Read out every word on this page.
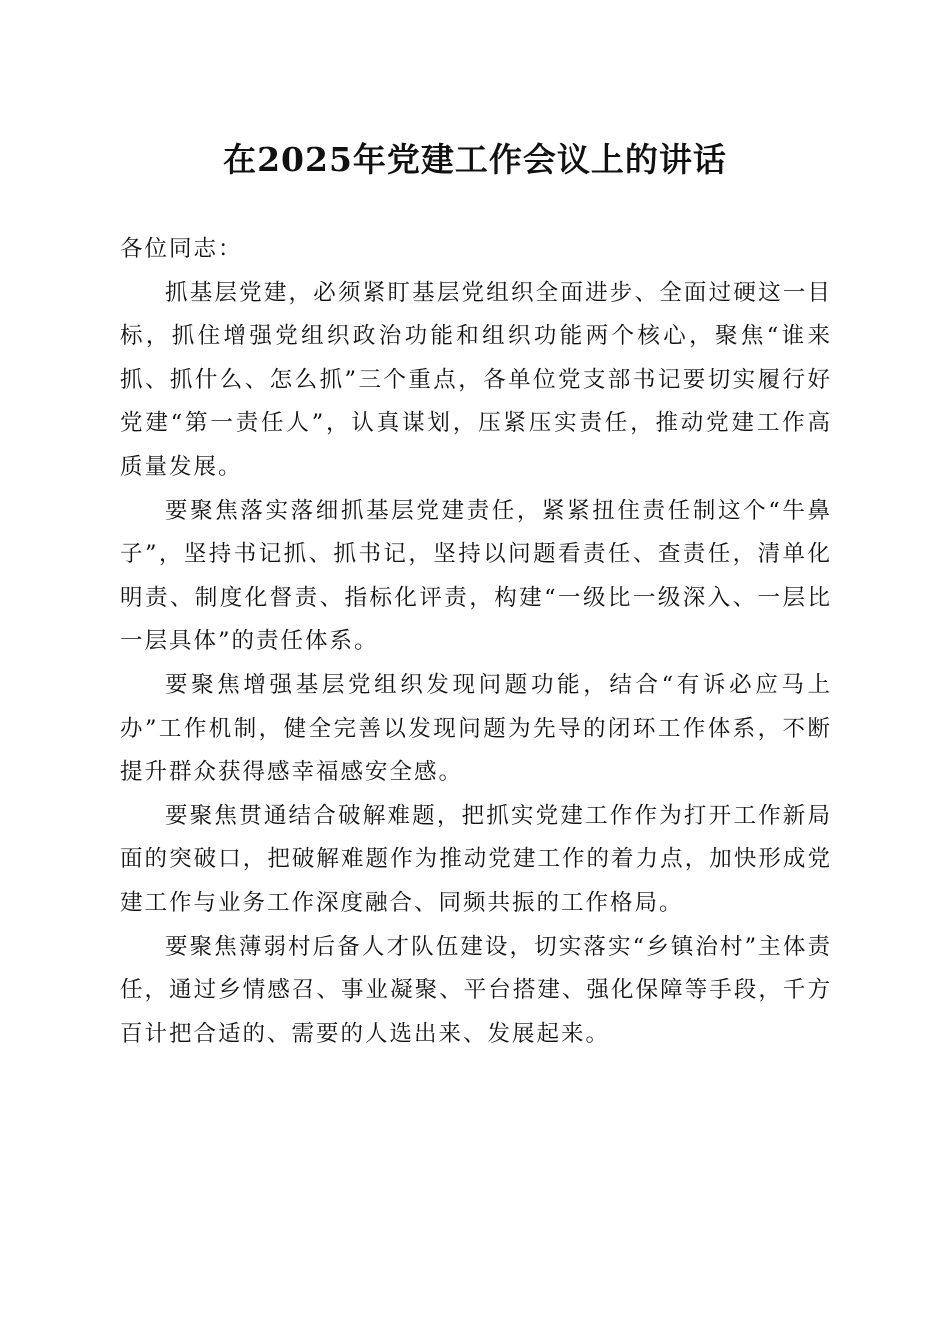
在2025年党建工作会议上的讲话

各位同志：

抓基层党建，必须紧盯基层党组织全面进步、全面过硬这一目标，抓住增强党组织政治功能和组织功能两个核心，聚焦“谁来抓、抓什么、怎么抓”三个重点，各单位党支部书记要切实履行好党建“第一责任人”，认真谋划，压紧压实责任，推动党建工作高质量发展。

要聚焦落实落细抓基层党建责任，紧紧扭住责任制这个“牛鼻子”，坚持书记抓、抓书记，坚持以问题看责任、查责任，清单化明责、制度化督责、指标化评责，构建“一级比一级深入、一层比一层具体”的责任体系。

要聚焦增强基层党组织发现问题功能，结合“有诉必应马上办”工作机制，健全完善以发现问题为先导的闭环工作体系，不断提升群众获得感幸福感安全感。

要聚焦贯通结合破解难题，把抓实党建工作作为打开工作新局面的突破口，把破解难题作为推动党建工作的着力点，加快形成党建工作与业务工作深度融合、同频共振的工作格局。

要聚焦薄弱村后备人才队伍建设，切实落实“乡镇治村”主体责任，通过乡情感召、事业凝聚、平台搭建、强化保障等手段，千方百计把合适的、需要的人选出来、发展起来。
